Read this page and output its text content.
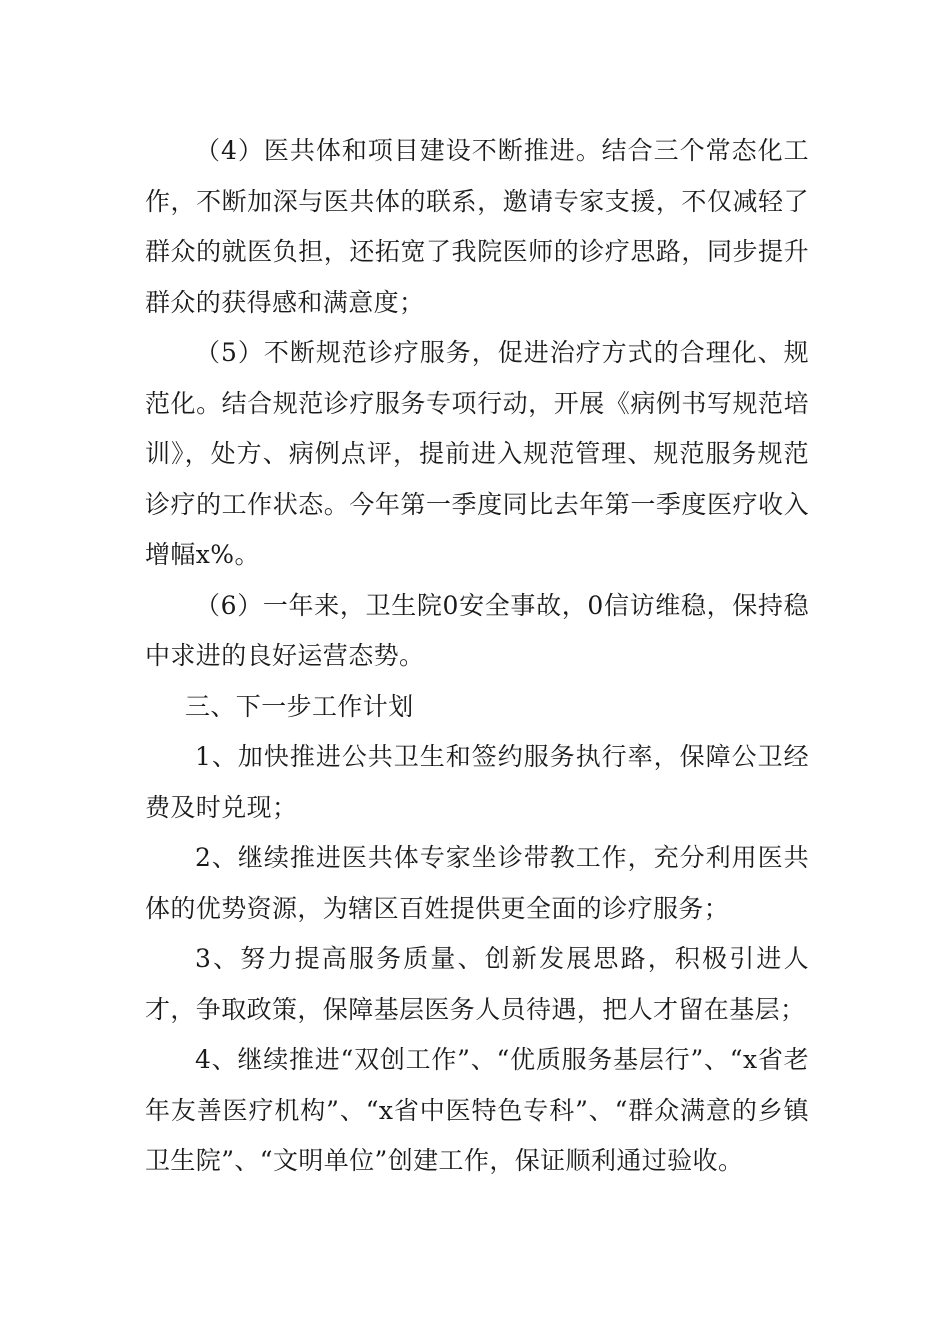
（4）医共体和项目建设不断推进。结合三个常态化工作，不断加深与医共体的联系，邀请专家支援，不仅减轻了群众的就医负担，还拓宽了我院医师的诊疗思路，同步提升群众的获得感和满意度；

（5）不断规范诊疗服务，促进治疗方式的合理化、规范化。结合规范诊疗服务专项行动，开展《病例书写规范培训》，处方、病例点评，提前进入规范管理、规范服务规范诊疗的工作状态。今年第一季度同比去年第一季度医疗收入增幅x%。

（6）一年来，卫生院0安全事故，0信访维稳，保持稳中求进的良好运营态势。

三、下一步工作计划

1、加快推进公共卫生和签约服务执行率，保障公卫经费及时兑现；

2、继续推进医共体专家坐诊带教工作，充分利用医共体的优势资源，为辖区百姓提供更全面的诊疗服务；

3、努力提高服务质量、创新发展思路，积极引进人才，争取政策，保障基层医务人员待遇，把人才留在基层；

4、继续推进“双创工作”、“优质服务基层行”、“x省老年友善医疗机构”、“x省中医特色专科”、“群众满意的乡镇卫生院”、“文明单位”创建工作，保证顺利通过验收。
